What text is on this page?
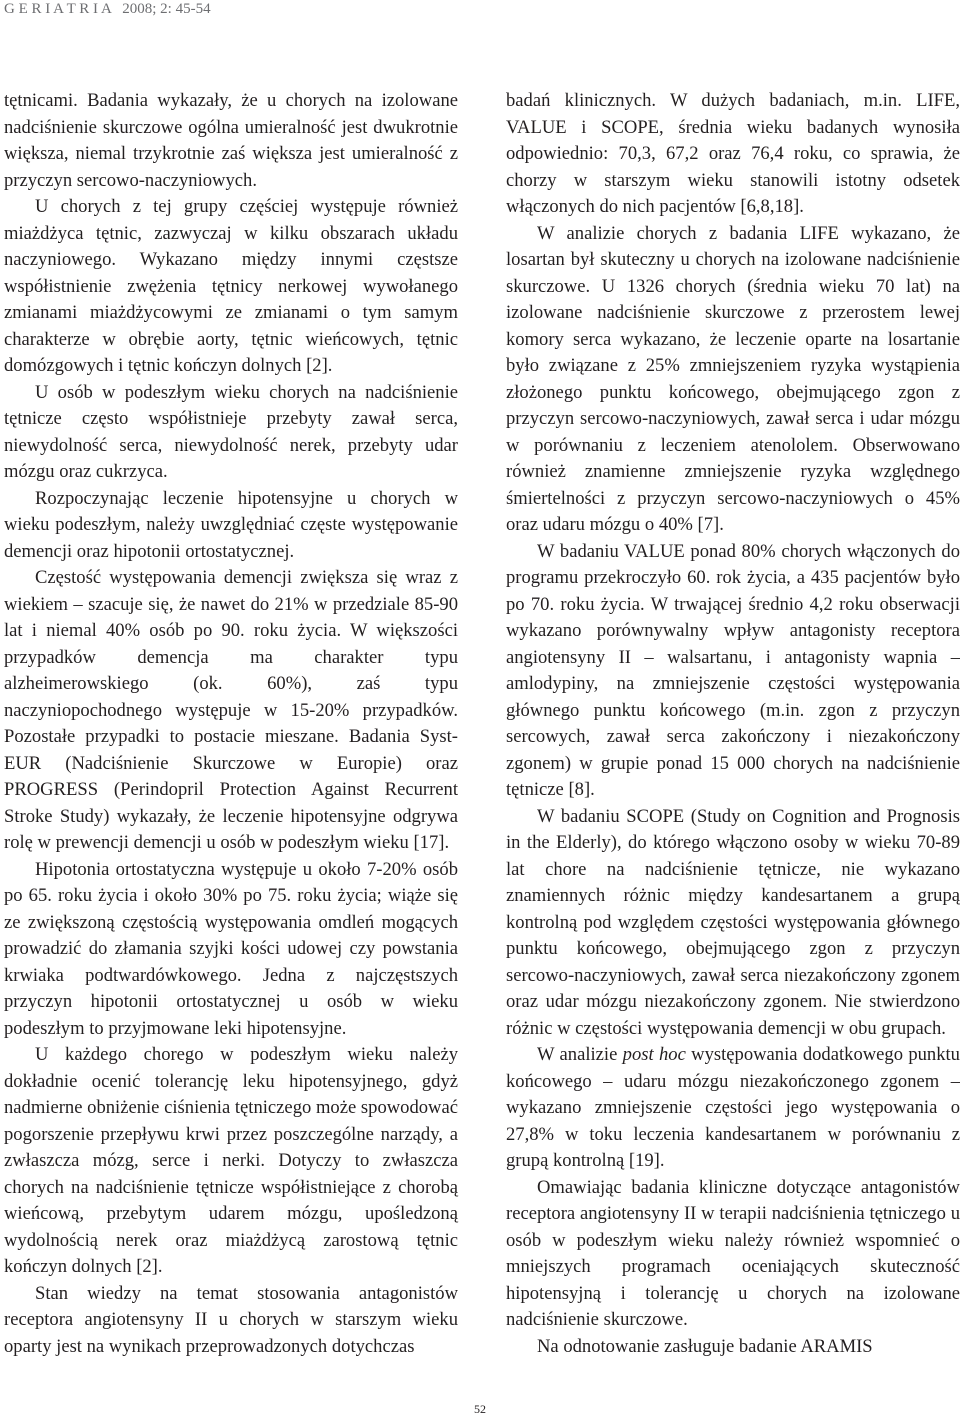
G E R I A T R I A 2008; 2: 45-54

tętnicami. Badania wykazały, że u chorych na izolowane nadciśnienie skurczowe ogólna umieralność jest dwukrotnie większa, niemal trzykrotnie zaś większa jest umieralność z przyczyn sercowo-naczyniowych.

U chorych z tej grupy częściej występuje również miażdżyca tętnic, zazwyczaj w kilku obszarach układu naczyniowego. Wykazano między innymi częstsze współistnienie zwężenia tętnicy nerkowej wywołanego zmianami miażdżycowymi ze zmianami o tym samym charakterze w obrębie aorty, tętnic wieńcowych, tętnic domózgowych i tętnic kończyn dolnych [2].

U osób w podeszłym wieku chorych na nadciśnienie tętnicze często współistnieje przebyty zawał serca, niewydolność serca, niewydolność nerek, przebyty udar mózgu oraz cukrzyca.

Rozpoczynając leczenie hipotensyjne u chorych w wieku podeszłym, należy uwzględniać częste występowanie demencji oraz hipotonii ortostatycznej.

Częstość występowania demencji zwiększa się wraz z wiekiem – szacuje się, że nawet do 21% w przedziale 85-90 lat i niemal 40% osób po 90. roku życia. W większości przypadków demencja ma charakter typu alzheimerowskiego (ok. 60%), zaś typu naczyniopochodnego występuje w 15-20% przypadków. Pozostałe przypadki to postacie mieszane. Badania Syst-EUR (Nadciśnienie Skurczowe w Europie) oraz PROGRESS (Perindopril Protection Against Recurrent Stroke Study) wykazały, że leczenie hipotensyjne odgrywa rolę w prewencji demencji u osób w podeszłym wieku [17].

Hipotonia ortostatyczna występuje u około 7-20% osób po 65. roku życia i około 30% po 75. roku życia; wiąże się ze zwiększoną częstością występowania omdleń mogących prowadzić do złamania szyjki kości udowej czy powstania krwiaka podtwardówkowego. Jedna z najczęstszych przyczyn hipotonii ortostatycznej u osób w wieku podeszłym to przyjmowane leki hipotensyjne.

U każdego chorego w podeszłym wieku należy dokładnie ocenić tolerancję leku hipotensyjnego, gdyż nadmierne obniżenie ciśnienia tętniczego może spowodować pogorszenie przepływu krwi przez poszczególne narządy, a zwłaszcza mózg, serce i nerki. Dotyczy to zwłaszcza chorych na nadciśnienie tętnicze współistniejące z chorobą wieńcową, przebytym udarem mózgu, upośledzoną wydolnością nerek oraz miażdżycą zarostową tętnic kończyn dolnych [2].

Stan wiedzy na temat stosowania antagonistów receptora angiotensyny II u chorych w starszym wieku oparty jest na wynikach przeprowadzonych dotychczas

badań klinicznych. W dużych badaniach, m.in. LIFE, VALUE i SCOPE, średnia wieku badanych wynosiła odpowiednio: 70,3, 67,2 oraz 76,4 roku, co sprawia, że chorzy w starszym wieku stanowili istotny odsetek włączonych do nich pacjentów [6,8,18].

W analizie chorych z badania LIFE wykazano, że losartan był skuteczny u chorych na izolowane nadciśnienie skurczowe. U 1326 chorych (średnia wieku 70 lat) na izolowane nadciśnienie skurczowe z przerostem lewej komory serca wykazano, że leczenie oparte na losartanie było związane z 25% zmniejszeniem ryzyka wystąpienia złożonego punktu końcowego, obejmującego zgon z przyczyn sercowo-naczyniowych, zawał serca i udar mózgu w porównaniu z leczeniem atenololem. Obserwowano również znamienne zmniejszenie ryzyka względnego śmiertelności z przyczyn sercowo-naczyniowych o 45% oraz udaru mózgu o 40% [7].

W badaniu VALUE ponad 80% chorych włączonych do programu przekroczyło 60. rok życia, a 435 pacjentów było po 70. roku życia. W trwającej średnio 4,2 roku obserwacji wykazano porównywalny wpływ antagonisty receptora angiotensyny II – walsartanu, i antagonisty wapnia – amlodypiny, na zmniejszenie częstości występowania głównego punktu końcowego (m.in. zgon z przyczyn sercowych, zawał serca zakończony i niezakończony zgonem) w grupie ponad 15 000 chorych na nadciśnienie tętnicze [8].

W badaniu SCOPE (Study on Cognition and Prognosis in the Elderly), do którego włączono osoby w wieku 70-89 lat chore na nadciśnienie tętnicze, nie wykazano znamiennych różnic między kandesartanem a grupą kontrolną pod względem częstości występowania głównego punktu końcowego, obejmującego zgon z przyczyn sercowo-naczyniowych, zawał serca niezakończony zgonem oraz udar mózgu niezakończony zgonem. Nie stwierdzono różnic w częstości występowania demencji w obu grupach.

W analizie post hoc występowania dodatkowego punktu końcowego – udaru mózgu niezakończonego zgonem – wykazano zmniejszenie częstości jego występowania o 27,8% w toku leczenia kandesartanem w porównaniu z grupą kontrolną [19].

Omawiając badania kliniczne dotyczące antagonistów receptora angiotensyny II w terapii nadciśnienia tętniczego u osób w podeszłym wieku należy również wspomnieć o mniejszych programach oceniających skuteczność hipotensyjną i tolerancję u chorych na izolowane nadciśnienie skurczowe.

Na odnotowanie zasługuje badanie ARAMIS

52
